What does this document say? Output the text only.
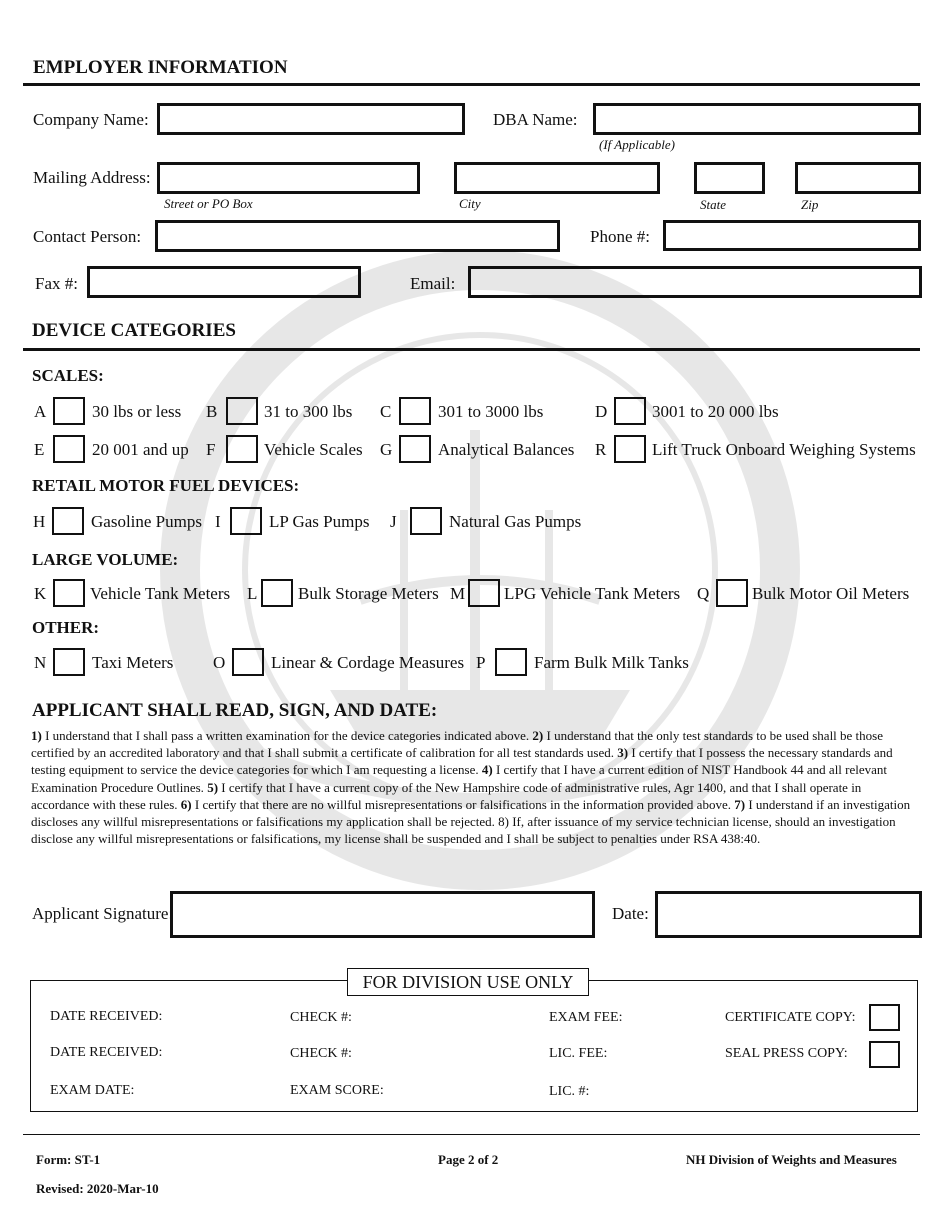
EMPLOYER INFORMATION
Company Name:	DBA Name:
(If Applicable)
Mailing Address:
Street or PO Box	City	State	Zip
Contact Person:	Phone #:
Fax #:	Email:
DEVICE CATEGORIES
SCALES:
A	30 lbs or less B	31 to 300 lbs C	301 to 3000 lbs	D	3001 to 20 000 lbs
E	20 001 and up F	Vehicle Scales G	Analytical Balances R	Lift Truck Onboard Weighing Systems
RETAIL MOTOR FUEL DEVICES:
H	Gasoline Pumps I	LP Gas Pumps J	Natural Gas Pumps
LARGE VOLUME:
K	Vehicle Tank Meters L Bulk Storage Meters M LPG Vehicle Tank Meters Q	Bulk Motor Oil Meters
OTHER:
N	Taxi Meters O	Linear & Cordage Measures P	Farm Bulk Milk Tanks
APPLICANT SHALL READ, SIGN, AND DATE:
1) I understand that I shall pass a written examination for the device categories indicated above. 2) I understand that the only test standards to be used shall be those certified by an accredited laboratory and that I shall submit a certificate of calibration for all test standards used. 3) I certify that I possess the necessary standards and testing equipment to service the device categories for which I am requesting a license. 4) I certify that I have a current edition of NIST Handbook 44 and all relevant Examination Procedure Outlines. 5) I certify that I have a current copy of the New Hampshire code of administrative rules, Agr 1400, and that I shall operate in accordance with these rules. 6) I certify that there are no willful misrepresentations or falsifications in the information provided above. 7) I understand if an investigation discloses any willful misrepresentations or falsifications my application shall be rejected. 8) If, after issuance of my service technician license, should an investigation disclose any willful misrepresentations or falsifications, my license shall be suspended and I shall be subject to penalties under RSA 438:40.
Applicant Signature:	Date:
FOR DIVISION USE ONLY
DATE RECEIVED:	CHECK #:	EXAM FEE:	CERTIFICATE COPY:
DATE RECEIVED:	CHECK #:	LIC. FEE:	SEAL PRESS COPY:
EXAM DATE:	EXAM SCORE:	LIC. #:
Form: ST-1	Page 2 of 2	NH Division of Weights and Measures
Revised: 2020-Mar-10
